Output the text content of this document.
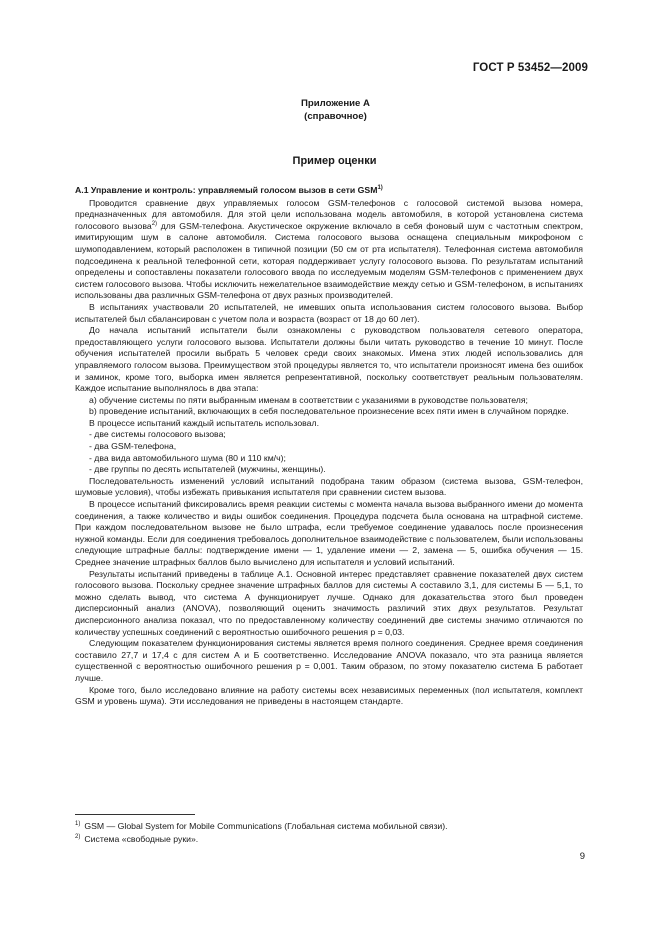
ГОСТ Р 53452—2009
Приложение А
(справочное)
Пример оценки

А.1 Управление и контроль: управляемый голосом вызов в сети GSM$^{1)}$

Проводится сравнение двух управляемых голосом GSM-телефонов с голосовой системой вызова номера, предназначенных для автомобиля. Для этой цели использована модель автомобиля, в которой установлена система голосового вызова$^{2)}$ для GSM-телефона. Акустическое окружение включало в себя фоновый шум с частотным спектром, имитирующим шум в салоне автомобиля. Система голосового вызова оснащена специальным микрофоном с шумоподавлением, который расположен в типичной позиции (50 см от рта испытателя). Телефонная система автомобиля подсоединена к реальной телефонной сети, которая поддерживает услугу голосового вызова. По результатам испытаний определены и сопоставлены показатели голосового ввода по исследуемым моделям GSM-телефонов с применением двух систем голосового вызова. Чтобы исключить нежелательное взаимодействие между сетью и GSM-телефоном, в испытаниях использованы два различных GSM-телефона от двух разных производителей.

В испытаниях участвовали 20 испытателей, не имевших опыта использования систем голосового вызова. Выбор испытателей был сбалансирован с учетом пола и возраста (возраст от 18 до 60 лет).

До начала испытаний испытатели были ознакомлены с руководством пользователя сетевого оператора, предоставляющего услуги голосового вызова. Испытатели должны были читать руководство в течение 10 минут. После обучения испытателей просили выбрать 5 человек среди своих знакомых. Имена этих людей использовались для управляемого голосом вызова. Преимуществом этой процедуры является то, что испытатели произносят имена без ошибок и заминок, кроме того, выборка имен является репрезентативной, поскольку соответствует реальным пользователям. Каждое испытание выполнялось в два этапа:

а) обучение системы по пяти выбранным именам в соответствии с указаниями в руководстве пользователя;

b) проведение испытаний, включающих в себя последовательное произнесение всех пяти имен в случайном порядке.

В процессе испытаний каждый испытатель использовал.

- две системы голосового вызова;

- два GSM-телефона,

- два вида автомобильного шума (80 и 110 км/ч);

- две группы по десять испытателей (мужчины, женщины).

Последовательность изменений условий испытаний подобрана таким образом (система вызова, GSM-телефон, шумовые условия), чтобы избежать привыкания испытателя при сравнении систем вызова.

В процессе испытаний фиксировались время реакции системы с момента начала вызова выбранного имени до момента соединения, а также количество и виды ошибок соединения. Процедура подсчета была основана на штрафной системе. При каждом последовательном вызове не было штрафа, если требуемое соединение удавалось после произнесения нужной команды. Если для соединения требовалось дополнительное взаимодействие с пользователем, были использованы следующие штрафные баллы: подтверждение имени — 1, удаление имени — 2, замена — 5, ошибка обучения — 15. Среднее значение штрафных баллов было вычислено для испытателя и условий испытаний.

Результаты испытаний приведены в таблице А.1. Основной интерес представляет сравнение показателей двух систем голосового вызова. Поскольку среднее значение штрафных баллов для системы А составило 3,1, для системы Б — 5,1, то можно сделать вывод, что система А функционирует лучше. Однако для доказательства этого был проведен дисперсионный анализ (ANOVA), позволяющий оценить значимость различий этих двух результатов. Результат дисперсионного анализа показал, что по предоставленному количеству соединений две системы значимо отличаются по количеству успешных соединений с вероятностью ошибочного решения р = 0,03.

Следующим показателем функционирования системы является время полного соединения. Среднее время соединения составило 27,7 и 17,4 с для систем А и Б соответственно. Исследование ANOVA показало, что эта разница является существенной с вероятностью ошибочного решения р = 0,001. Таким образом, по этому показателю система Б работает лучше.

Кроме того, было исследовано влияние на работу системы всех независимых переменных (пол испытателя, комплект GSM и уровень шума). Эти исследования не приведены в настоящем стандарте.

$^{1)}$ GSM — Global System for Mobile Communications (Глобальная система мобильной связи).
$^{2)}$ Система «свободные руки».
9
